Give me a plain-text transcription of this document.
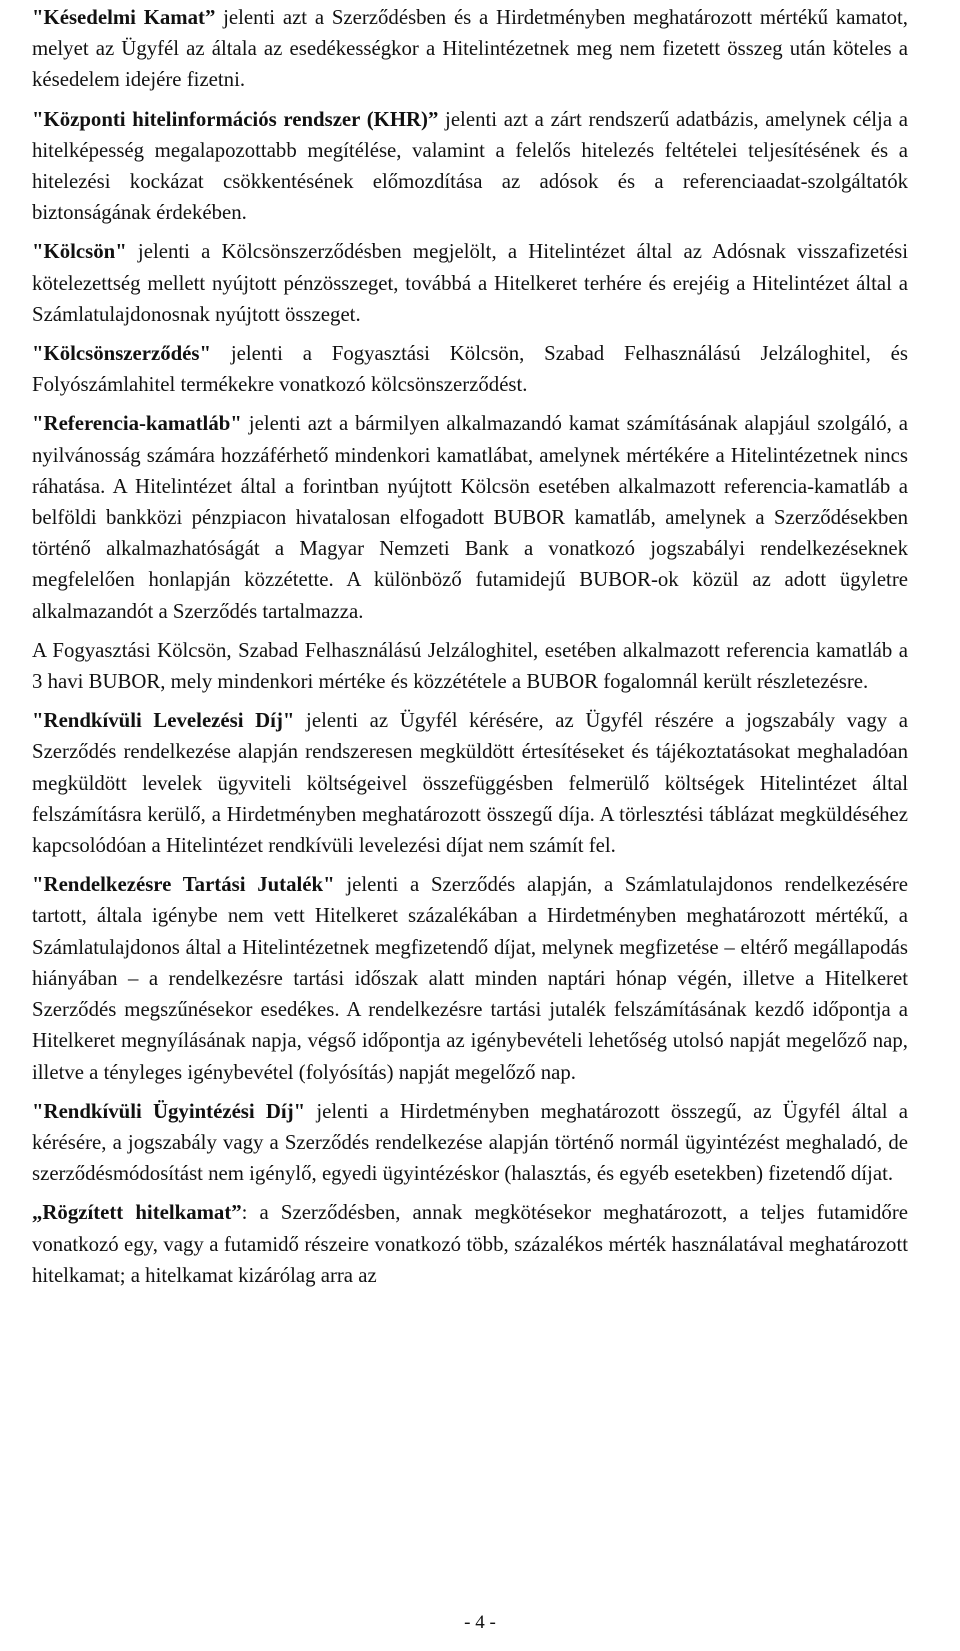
"Késedelmi Kamat” jelenti azt a Szerződésben és a Hirdetményben meghatározott mértékű kamatot, melyet az Ügyfél az általa az esedékességkor a Hitelintézetnek meg nem fizetett összeg után köteles a késedelem idejére fizetni.

"Központi hitelinformációs rendszer (KHR)” jelenti azt a zárt rendszerű adatbázis, amelynek célja a hitelképesség megalapozottabb megítélése, valamint a felelős hitelezés feltételei teljesítésének és a hitelezési kockázat csökkentésének előmozdítása az adósok és a referenciaadat-szolgáltatók biztonságának érdekében.

"Kölcsön" jelenti a Kölcsönszerződésben megjelölt, a Hitelintézet által az Adósnak visszafizetési kötelezettség mellett nyújtott pénzösszeget, továbbá a Hitelkeret terhére és erejéig a Hitelintézet által a Számlatulajdonosnak nyújtott összeget.

"Kölcsönszerződés" jelenti a Fogyasztási Kölcsön, Szabad Felhasználású Jelzáloghitel, és Folyószámlahitel termékekre vonatkozó kölcsönszerződést.

"Referencia-kamatláb" jelenti azt a bármilyen alkalmazandó kamat számításának alapjául szolgáló, a nyilvánosság számára hozzáférhető mindenkori kamatlábat, amelynek mértékére a Hitelintézetnek nincs ráhatása. A Hitelintézet által a forintban nyújtott Kölcsön esetében alkalmazott referencia-kamatláb a belföldi bankközi pénzpiacon hivatalosan elfogadott BUBOR kamatláb, amelynek a Szerződésekben történő alkalmazhatóságát a Magyar Nemzeti Bank a vonatkozó jogszabályi rendelkezéseknek megfelelően honlapján közzétette. A különböző futamidejű BUBOR-ok közül az adott ügyletre alkalmazandót a Szerződés tartalmazza.

A Fogyasztási Kölcsön, Szabad Felhasználású Jelzáloghitel, esetében alkalmazott referencia kamatláb a 3 havi BUBOR, mely mindenkori mértéke és közzététele a BUBOR fogalomnál került részletezésre.

"Rendkívüli Levelezési Díj" jelenti az Ügyfél kérésére, az Ügyfél részére a jogszabály vagy a Szerződés rendelkezése alapján rendszeresen megküldött értesítéseket és tájékoztatásokat meghaladóan megküldött levelek ügyviteli költségeivel összefüggésben felmerülő költségek Hitelintézet által felszámításra kerülő, a Hirdetményben meghatározott összegű díja. A törlesztési táblázat megküldéséhez kapcsolódóan a Hitelintézet rendkívüli levelezési díjat nem számít fel.

"Rendelkezésre Tartási Jutalék" jelenti a Szerződés alapján, a Számlatulajdonos rendelkezésére tartott, általa igénybe nem vett Hitelkeret százalékában a Hirdetményben meghatározott mértékű, a Számlatulajdonos által a Hitelintézetnek megfizetendő díjat, melynek megfizetése – eltérő megállapodás hiányában – a rendelkezésre tartási időszak alatt minden naptári hónap végén, illetve a Hitelkeret Szerződés megszűnésekor esedékes. A rendelkezésre tartási jutalék felszámításának kezdő időpontja a Hitelkeret megnyílásának napja, végső időpontja az igénybevételi lehetőség utolsó napját megelőző nap, illetve a tényleges igénybevétel (folyósítás) napját megelőző nap.

"Rendkívüli Ügyintézési Díj" jelenti a Hirdetményben meghatározott összegű, az Ügyfél által a kérésére, a jogszabály vagy a Szerződés rendelkezése alapján történő normál ügyintézést meghaladó, de szerződésmódosítást nem igénylő, egyedi ügyintézéskor (halasztás, és egyéb esetekben) fizetendő díjat.

„Rögzített hitelkamat”: a Szerződésben, annak megkötésekor meghatározott, a teljes futamidőre vonatkozó egy, vagy a futamidő részeire vonatkozó több, százalékos mérték használatával meghatározott hitelkamat; a hitelkamat kizárólag arra az

- 4 -
